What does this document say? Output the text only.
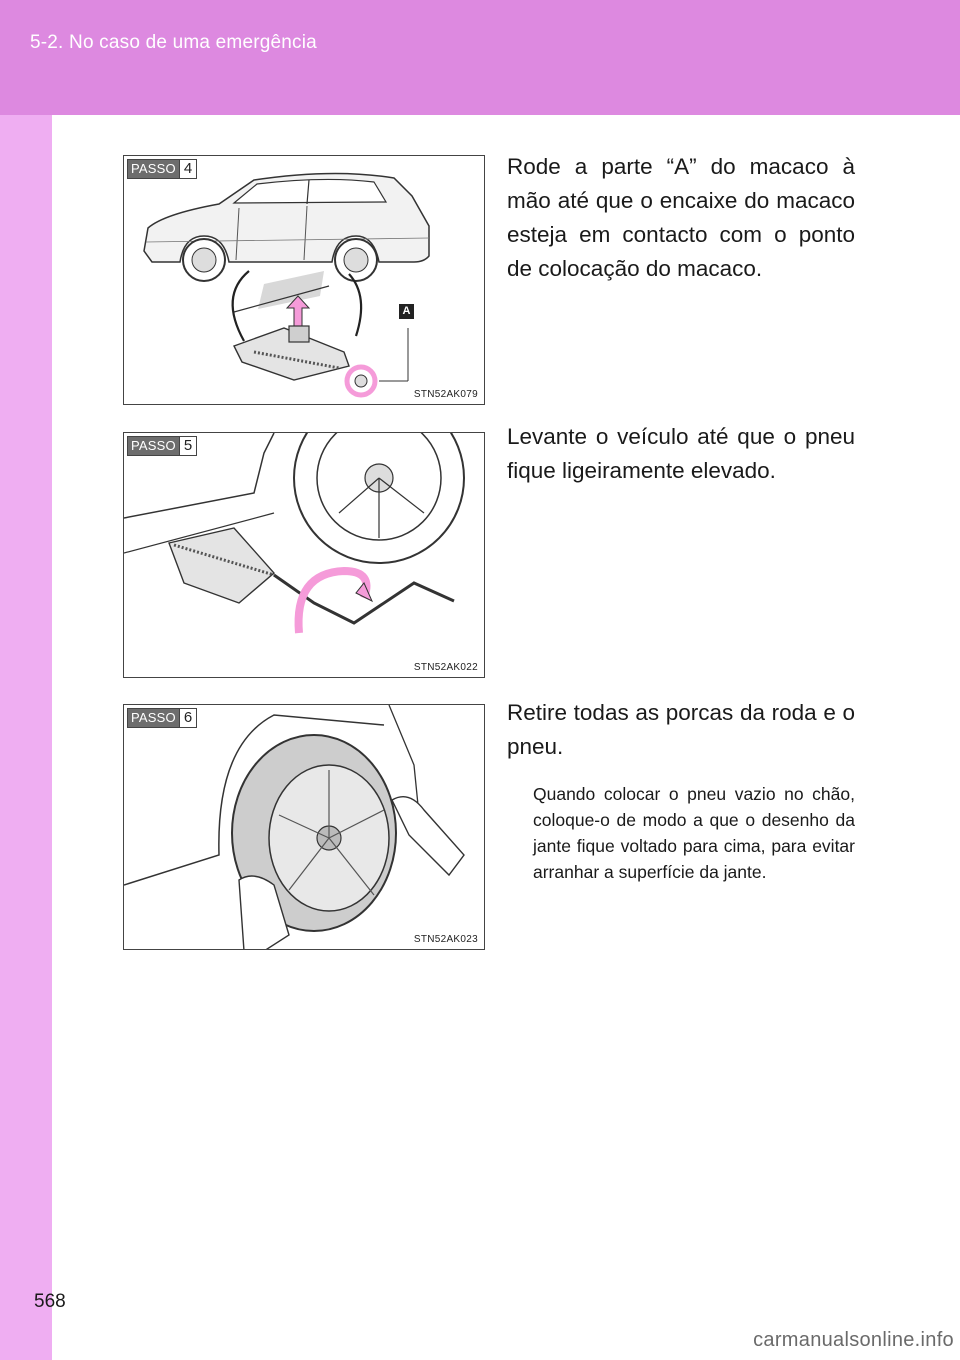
5-2. No caso de uma emergência
PASSO 4
A
STN52AK079
Rode a parte “A” do macaco à mão até que o encaixe do macaco esteja em contacto com o ponto de colocação do macaco.
PASSO 5
STN52AK022
Levante o veículo até que o pneu fique ligeiramente elevado.
PASSO 6
STN52AK023
Retire todas as porcas da roda e o pneu.
Quando colocar o pneu vazio no chão, coloque-o de modo a que o desenho da jante fique voltado para cima, para evitar arranhar a superfície da jante.
568
carmanualsonline.info
